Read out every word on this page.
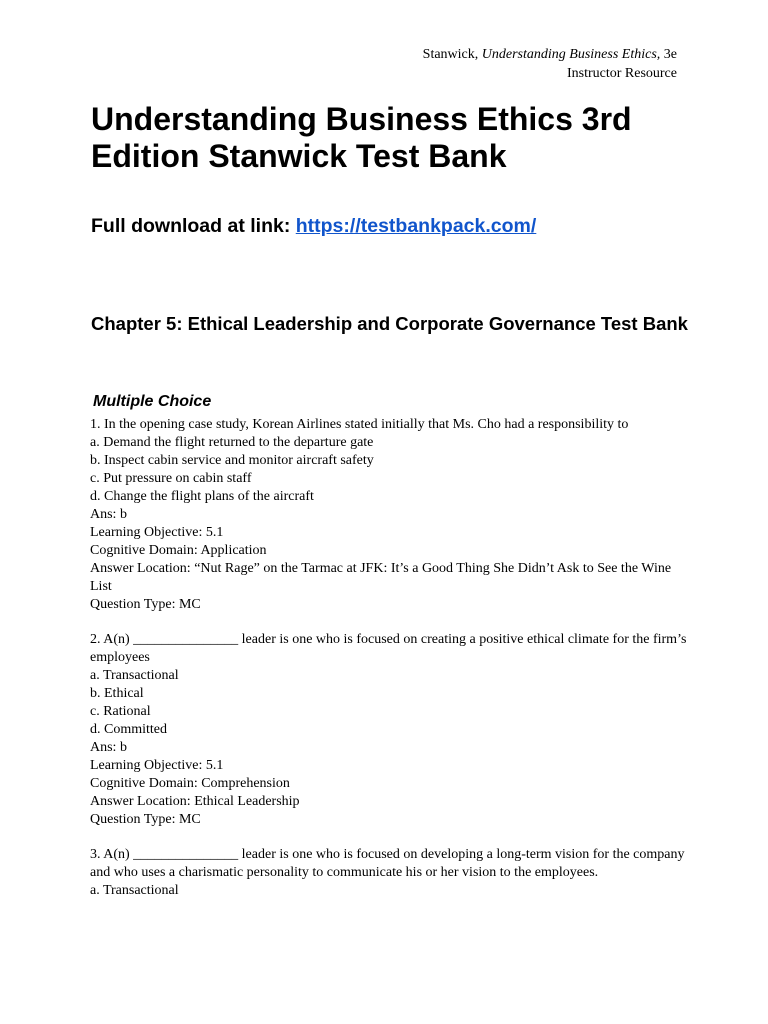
Stanwick, Understanding Business Ethics, 3e
Instructor Resource
Understanding Business Ethics 3rd Edition Stanwick Test Bank
Full download at link: https://testbankpack.com/
Chapter 5: Ethical Leadership and Corporate Governance Test Bank
Multiple Choice
1. In the opening case study, Korean Airlines stated initially that Ms. Cho had a responsibility to
a. Demand the flight returned to the departure gate
b. Inspect cabin service and monitor aircraft safety
c. Put pressure on cabin staff
d. Change the flight plans of the aircraft
Ans: b
Learning Objective: 5.1
Cognitive Domain: Application
Answer Location: “Nut Rage” on the Tarmac at JFK: It’s a Good Thing She Didn’t Ask to See the Wine List
Question Type: MC
2. A(n) _______________ leader is one who is focused on creating a positive ethical climate for the firm’s employees
a. Transactional
b. Ethical
c. Rational
d. Committed
Ans: b
Learning Objective: 5.1
Cognitive Domain: Comprehension
Answer Location: Ethical Leadership
Question Type: MC
3. A(n) _______________ leader is one who is focused on developing a long-term vision for the company and who uses a charismatic personality to communicate his or her vision to the employees.
a. Transactional
